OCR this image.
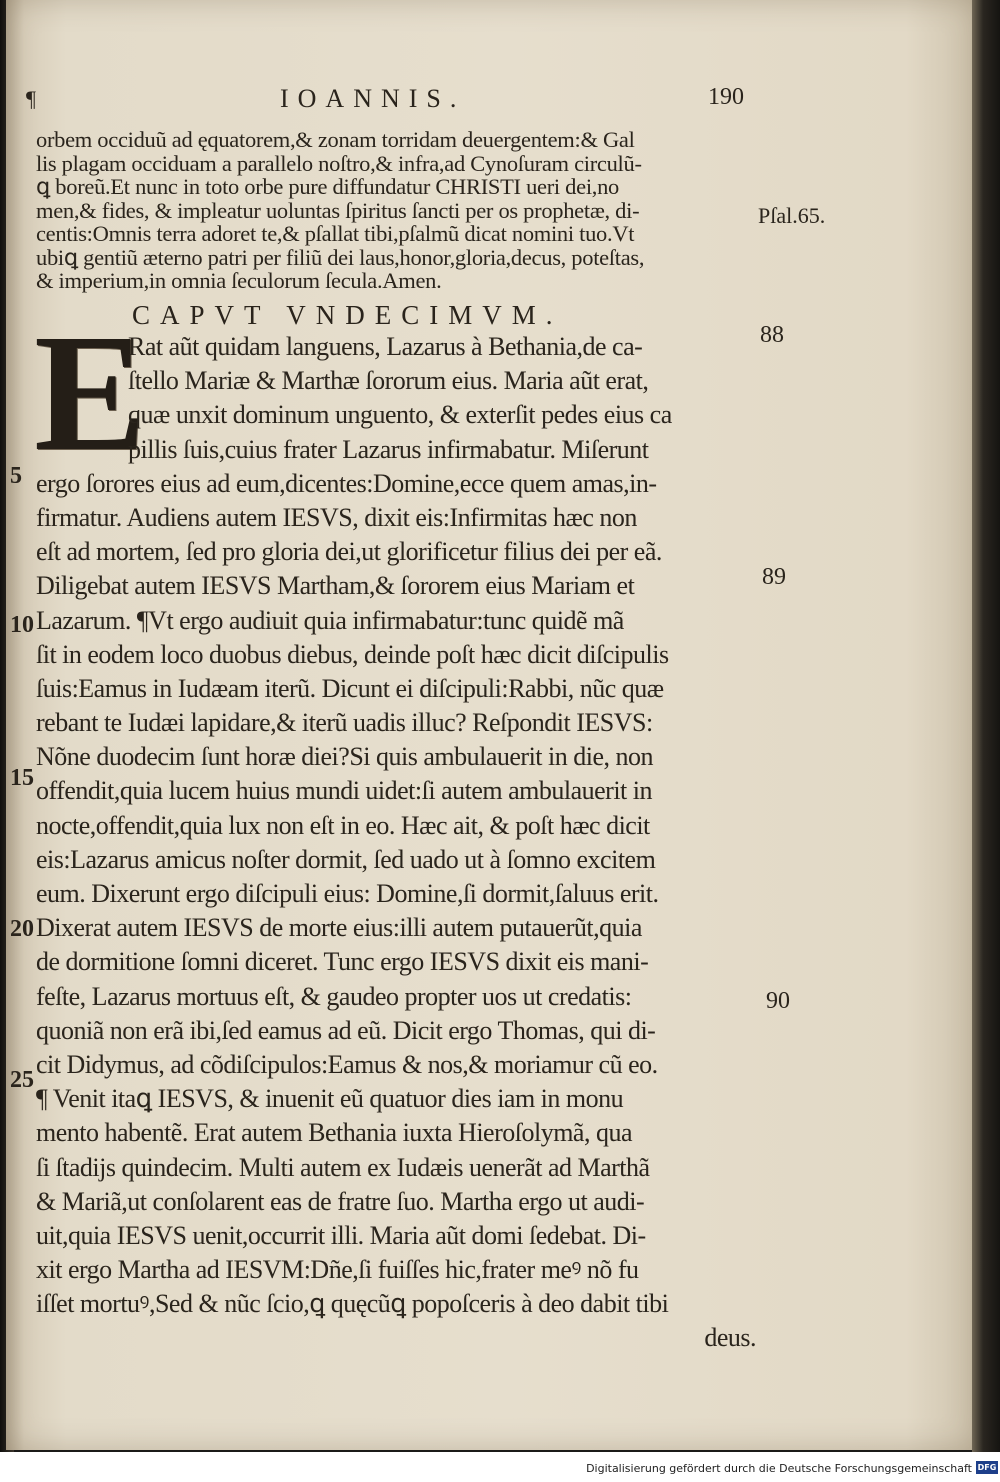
¶	IOANNIS.	190
orbem occiduũ ad ęquatorem,& zonam torridam deuergentem:& Gal
lis plagam occiduam a parallelo noſtro,& infra,ad Cynoſuram circulũ-
ꝗ boreũ.Et nunc in toto orbe pure diffundatur CHRISTI ueri dei,no
men,& fides, & impleatur uoluntas ſpiritus ſancti per os prophetæ, di-
centis:Omnis terra adoret te,& pſallat tibi,pſalmũ dicat nomini tuo.Vt
ubiꝗ gentiũ æterno patri per filiũ dei laus,honor,gloria,decus, poteſtas,
& imperium,in omnia ſeculorum ſecula.Amen.
CAPVT VNDECIMVM.
E
Rat aũt quidam languens, Lazarus à Bethania,de ca-
ſtello Mariæ & Marthæ ſororum eius. Maria aũt erat,
quæ unxit dominum unguento, & exterſit pedes eius ca
pillis ſuis,cuius frater Lazarus infirmabatur. Miſerunt
ergo ſorores eius ad eum,dicentes:Domine,ecce quem amas,in-
firmatur. Audiens autem IESVS, dixit eis:Infirmitas hæc non
eſt ad mortem, ſed pro gloria dei,ut glorificetur filius dei per eã.
Diligebat autem IESVS Martham,& ſororem eius Mariam et
Lazarum. ¶Vt ergo audiuit quia infirmabatur:tunc quidẽ mã
ſit in eodem loco duobus diebus, deinde poſt hæc dicit diſcipulis
ſuis:Eamus in Iudæam iterũ. Dicunt ei diſcipuli:Rabbi, nũc quæ
rebant te Iudæi lapidare,& iterũ uadis illuc? Reſpondit IESVS:
Nõne duodecim ſunt horæ diei?Si quis ambulauerit in die, non
offendit,quia lucem huius mundi uidet:ſi autem ambulauerit in
nocte,offendit,quia lux non eſt in eo. Hæc ait, & poſt hæc dicit
eis:Lazarus amicus noſter dormit, ſed uado ut à ſomno excitem
eum. Dixerunt ergo diſcipuli eius: Domine,ſi dormit,ſaluus erit.
Dixerat autem IESVS de morte eius:illi autem putauerũt,quia
de dormitione ſomni diceret. Tunc ergo IESVS dixit eis mani-
feſte, Lazarus mortuus eſt, & gaudeo propter uos ut credatis:
quoniã non erã ibi,ſed eamus ad eũ. Dicit ergo Thomas, qui di-
cit Didymus, ad cõdiſcipulos:Eamus & nos,& moriamur cũ eo.
¶ Venit itaꝗ IESVS, & inuenit eũ quatuor dies iam in monu
mento habentẽ. Erat autem Bethania iuxta Hieroſolymã, qua
ſi ſtadijs quindecim. Multi autem ex Iudæis uenerãt ad Marthã
& Mariã,ut conſolarent eas de fratre ſuo. Martha ergo ut audi-
uit,quia IESVS uenit,occurrit illi. Maria aũt domi ſedebat. Di-
xit ergo Martha ad IESVM:Dñe,ſi fuiſſes hic,frater meꝰ nõ fu
iſſet mortuꝰ,Sed & nũc ſcio,ꝗ quęcũꝗ popoſceris à deo dabit tibi
deus.
Pſal.65.
88
89
90
5
10
15
20
25
Digitalisierung gefördert durch die Deutsche Forschungsgemeinschaft DFG
